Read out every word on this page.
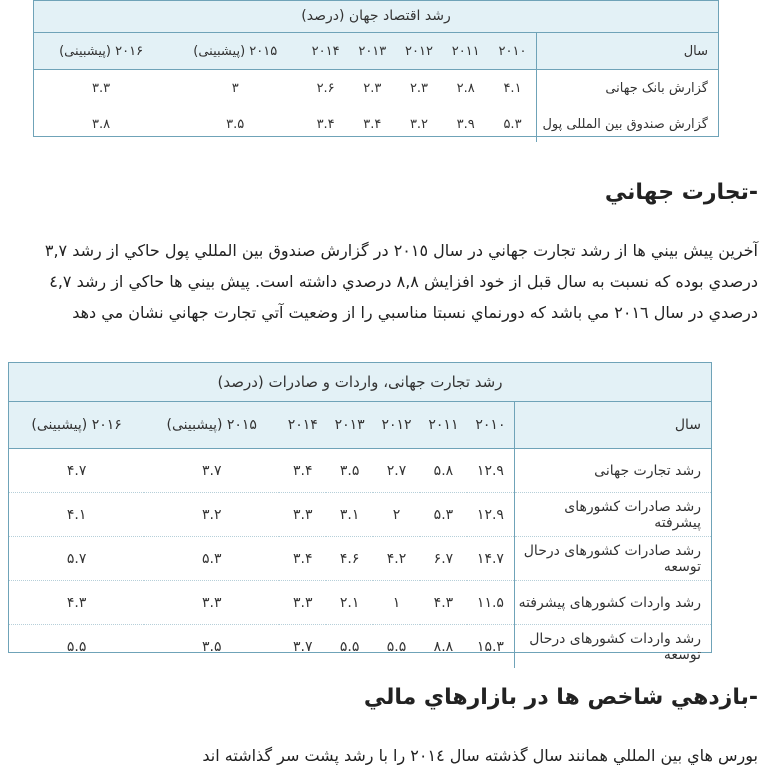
رشد اقتصاد جهان (درصد)
سال	۲۰۱۰	۲۰۱۱	۲۰۱۲	۲۰۱۳	۲۰۱۴	۲۰۱۵ (پیشبینی)	۲۰۱۶ (پیشبینی)
گزارش بانک جهانی	۴.۱	۲.۸	۲.۳	۲.۳	۲.۶	۳	۳.۳
گزارش صندوق بین المللی پول	۵.۳	۳.۹	۳.۲	۳.۴	۳.۴	۳.۵	۳.۸
-تجارت جهاني
آخرين پيش بيني ها از رشد تجارت جهاني در سال ٢٠١٥ در گزارش صندوق بين المللي پول حاكي از رشد ٣,٧
درصدي بوده كه نسبت به سال قبل از خود افزايش ٨,٨ درصدي داشته است. پيش بيني ها حاكي از رشد ٤,٧
درصدي در سال ٢٠١٦ مي باشد كه دورنماي نسبتا مناسبي را از وضعيت آتي تجارت جهاني نشان مي دهد
رشد تجارت جهانی، واردات و صادرات (درصد)
سال	۲۰۱۰	۲۰۱۱	۲۰۱۲	۲۰۱۳	۲۰۱۴	۲۰۱۵ (پیشبینی)	۲۰۱۶ (پیشبینی)
رشد تجارت جهانی	۱۲.۹	۵.۸	۲.۷	۳.۵	۳.۴	۳.۷	۴.۷
رشد صادرات کشورهای پیشرفته	۱۲.۹	۵.۳	۲	۳.۱	۳.۳	۳.۲	۴.۱
رشد صادرات کشورهای درحال توسعه	۱۴.۷	۶.۷	۴.۲	۴.۶	۳.۴	۵.۳	۵.۷
رشد واردات کشورهای پیشرفته	۱۱.۵	۴.۳	۱	۲.۱	۳.۳	۳.۳	۴.۳
رشد واردات کشورهای درحال توسعه	۱۵.۳	۸.۸	۵.۵	۵.۵	۳.۷	۳.۵	۵.۵
-بازدهي شاخص ها در بازارهاي مالي
بورس هاي بين المللي همانند سال گذشته سال ٢٠١٤ را با رشد پشت سر گذاشته اند
